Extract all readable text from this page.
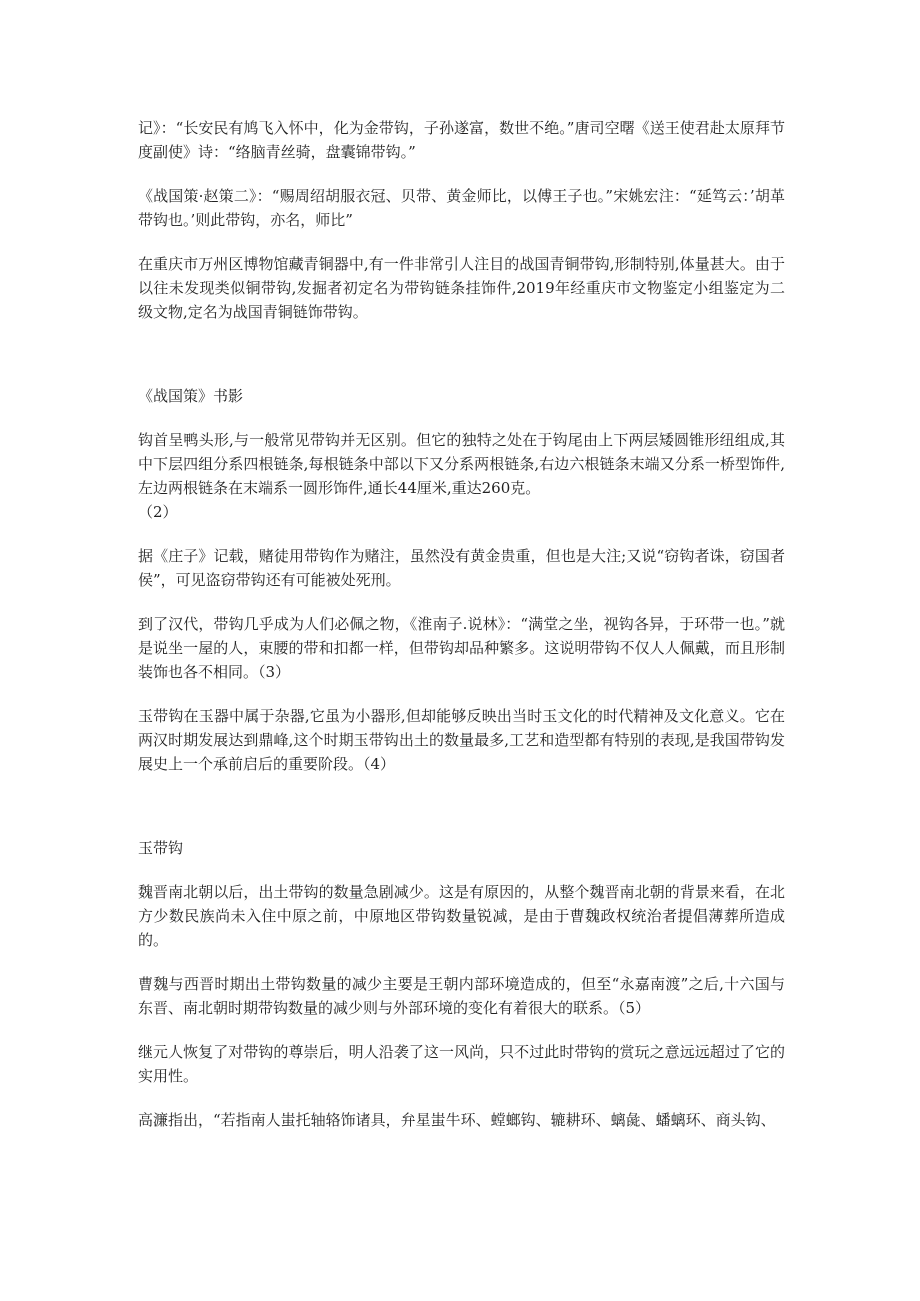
记》：“长安民有鸠飞入怀中，化为金带钩，子孙遂富，数世不绝。”唐司空曙《送王使君赴太原拜节度副使》诗：“络脑青丝骑，盘囊锦带钩。”

《战国策·赵策二》：“赐周绍胡服衣冠、贝带、黄金师比，以傅王子也。”宋姚宏注：“延笃云：’胡革带钩也。’则此带钩，亦名，师比”

在重庆市万州区博物馆藏青铜器中,有一件非常引人注目的战国青铜带钩,形制特别,体量甚大。由于以往未发现类似铜带钩,发掘者初定名为带钩链条挂饰件,2019年经重庆市文物鉴定小组鉴定为二级文物,定名为战国青铜链饰带钩。

《战国策》书影

钩首呈鸭头形,与一般常见带钩并无区别。但它的独特之处在于钩尾由上下两层矮圆锥形纽组成,其中下层四组分系四根链条,每根链条中部以下又分系两根链条,右边六根链条末端又分系一桥型饰件,左边两根链条在末端系一圆形饰件,通长44厘米,重达260克。

（2）

据《庄子》记载，赌徒用带钩作为赌注，虽然没有黄金贵重，但也是大注;又说“窃钩者诛，窃国者侯”，可见盗窃带钩还有可能被处死刑。

到了汉代，带钩几乎成为人们必佩之物，《淮南子.说林》：“满堂之坐，视钩各异，于环带一也。”就是说坐一屋的人，束腰的带和扣都一样，但带钩却品种繁多。这说明带钩不仅人人佩戴，而且形制装饰也各不相同。（3）

玉带钩在玉器中属于杂器,它虽为小器形,但却能够反映出当时玉文化的时代精神及文化意义。它在两汉时期发展达到鼎峰,这个时期玉带钩出土的数量最多,工艺和造型都有特别的表现,是我国带钩发展史上一个承前启后的重要阶段。（4）

玉带钩

魏晋南北朝以后，出土带钩的数量急剧减少。这是有原因的，从整个魏晋南北朝的背景来看，在北方少数民族尚未入住中原之前，中原地区带钩数量锐减，是由于曹魏政权统治者提倡薄葬所造成的。

曹魏与西晋时期出土带钩数量的减少主要是王朝内部环境造成的，但至“永嘉南渡”之后,十六国与东晋、南北朝时期带钩数量的减少则与外部环境的变化有着很大的联系。（5）

继元人恢复了对带钩的尊崇后，明人沿袭了这一风尚，只不过此时带钩的赏玩之意远远超过了它的实用性。

高濂指出，“若指南人蚩托轴辂饰诸具，弁星蚩牛环、螳螂钩、辘耕环、螭彘、蟠螭环、商头钩、
